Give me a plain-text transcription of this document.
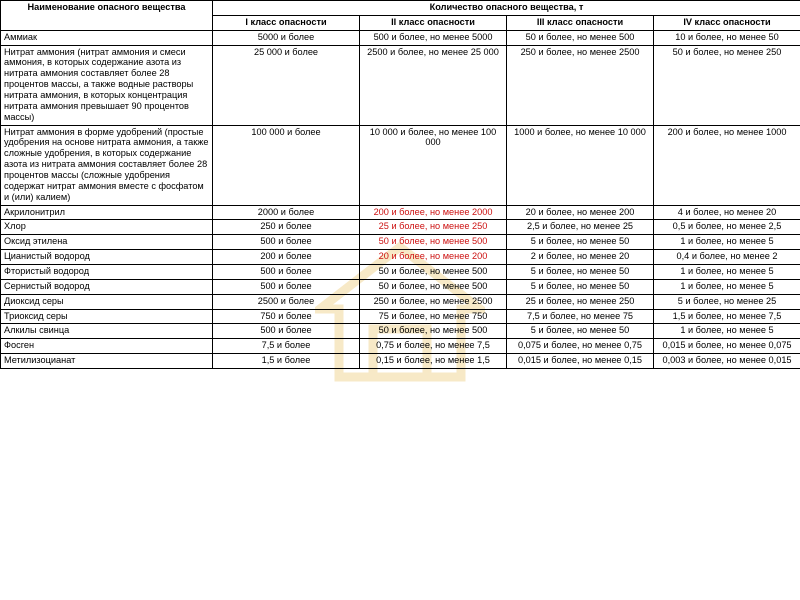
Наименование опасного вещества	Количество опасного вещества, т			
	I класс опасности	II класс опасности	III класс опасности	IV класс опасности
Аммиак	5000 и более	500 и более, но менее 5000	50 и более, но менее 500	10 и более, но менее 50
Нитрат аммония (нитрат аммония и смеси аммония, в которых содержание азота из нитрата аммония составляет более 28 процентов массы, а также водные растворы нитрата аммония, в которых концентрация нитрата аммония превышает 90 процентов массы)	25 000 и более	2500 и более, но менее 25 000	250 и более, но менее 2500	50 и более, но менее 250
Нитрат аммония в форме удобрений (простые удобрения на основе нитрата аммония, а также сложные удобрения, в которых содержание азота из нитрата аммония составляет более 28 процентов массы (сложные удобрения содержат нитрат аммония вместе с фосфатом и (или) калием)	100 000 и более	10 000 и более, но менее 100 000	1000 и более, но менее 10 000	200 и более, но менее 1000
Акрилонитрил	2000 и более	200 и более, но менее 2000	20 и более, но менее 200	4 и более, но менее 20
Хлор	250 и более	25 и более, но менее 250	2,5 и более, но менее 25	0,5 и более, но менее 2,5
Оксид этилена	500 и более	50 и более, но менее 500	5 и более, но менее 50	1 и более, но менее 5
Цианистый водород	200 и более	20 и более, но менее 200	2 и более, но менее 20	0,4 и более, но менее 2
Фтористый водород	500 и более	50 и более, но менее 500	5 и более, но менее 50	1 и более, но менее 5
Сернистый водород	500 и более	50 и более, но менее 500	5 и более, но менее 50	1 и более, но менее 5
Диоксид серы	2500 и более	250 и более, но менее 2500	25 и более, но менее 250	5 и более, но менее 25
Триоксид серы	750 и более	75 и более, но менее 750	7,5 и более, но менее 75	1,5 и более, но менее 7,5
Алкилы свинца	500 и более	50 и более, но менее 500	5 и более, но менее 50	1 и более, но менее 5
Фосген	7,5 и более	0,75 и более, но менее 7,5	0,075 и более, но менее 0,75	0,015 и более, но менее 0,075
Метилизоцианат	1,5 и более	0,15 и более, но менее 1,5	0,015 и более, но менее 0,15	0,003 и более, но менее 0,015
